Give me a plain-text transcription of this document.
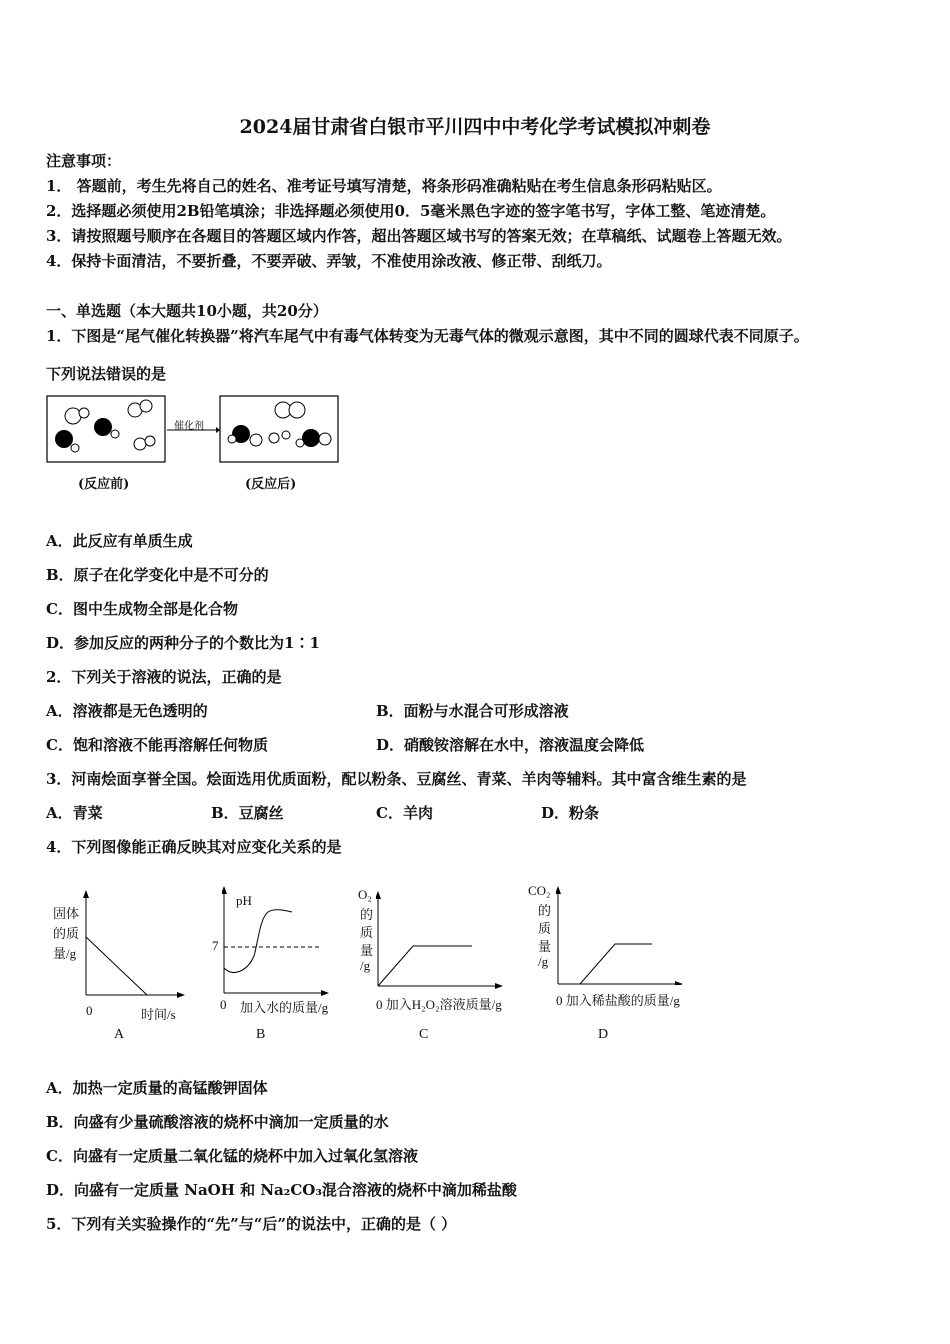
2024届甘肃省白银市平川四中中考化学考试模拟冲刺卷
注意事项：
1． 答题前，考生先将自己的姓名、准考证号填写清楚，将条形码准确粘贴在考生信息条形码粘贴区。
2．选择题必须使用2B铅笔填涂；非选择题必须使用0．5毫米黑色字迹的签字笔书写，字体工整、笔迹清楚。
3．请按照题号顺序在各题目的答题区域内作答，超出答题区域书写的答案无效；在草稿纸、试题卷上答题无效。
4．保持卡面清洁，不要折叠，不要弄破、弄皱，不准使用涂改液、修正带、刮纸刀。
一、单选题（本大题共10小题，共20分）
1．下图是“尾气催化转换器”将汽车尾气中有毒气体转变为无毒气体的微观示意图，其中不同的圆球代表不同原子。
下列说法错误的是
催化剂
(反应前)	(反应后)
A．此反应有单质生成
B．原子在化学变化中是不可分的
C．图中生成物全部是化合物
D．参加反应的两种分子的个数比为1∶1
2．下列关于溶液的说法，正确的是
A．溶液都是无色透明的	B．面粉与水混合可形成溶液
C．饱和溶液不能再溶解任何物质	D．硝酸铵溶解在水中，溶液温度会降低
3．河南烩面享誉全国。烩面选用优质面粉，配以粉条、豆腐丝、青菜、羊肉等辅料。其中富含维生素的是
A．青菜	B．豆腐丝	C．羊肉	D．粉条
4．下列图像能正确反映其对应变化关系的是
固体
的质
量/g
0	时间/s
A
pH
7
0 加入水的质量/g
B
O₂
的
质
量
/g
0 加入H₂O₂溶液质量/g
C
CO₂
的
质
量
/g
0 加入稀盐酸的质量/g
D
A．加热一定质量的高锰酸钾固体
B．向盛有少量硫酸溶液的烧杯中滴加一定质量的水
C．向盛有一定质量二氧化锰的烧杯中加入过氧化氢溶液
D．向盛有一定质量 NaOH 和 Na₂CO₃混合溶液的烧杯中滴加稀盐酸
5．下列有关实验操作的“先”与“后”的说法中，正确的是（ ）
